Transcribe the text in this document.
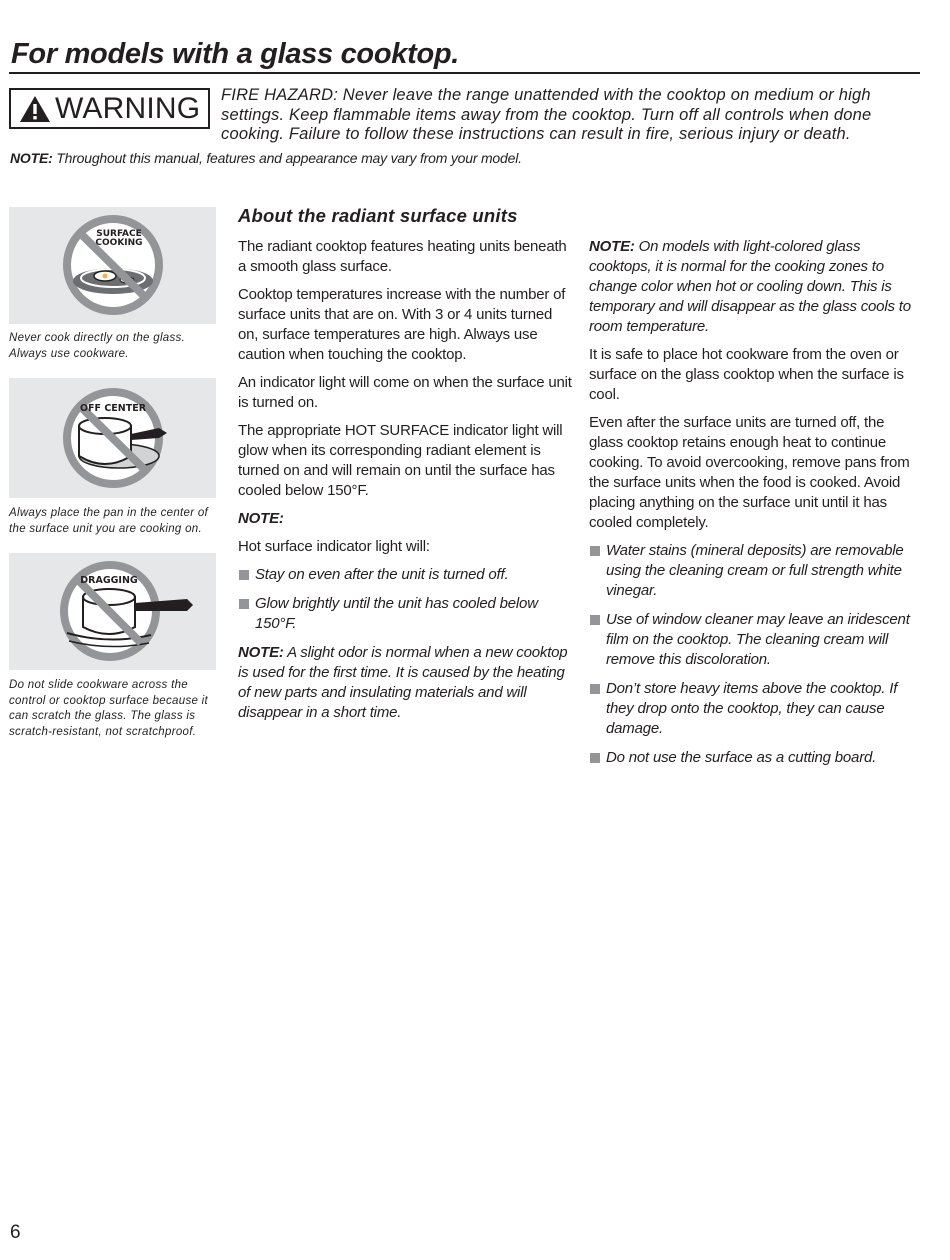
For models with a glass cooktop.
WARNING FIRE HAZARD: Never leave the range unattended with the cooktop on medium or high settings. Keep flammable items away from the cooktop. Turn off all controls when done cooking. Failure to follow these instructions can result in fire, serious injury or death.
NOTE: Throughout this manual, features and appearance may vary from your model.
SURFACE
COOKING
Never cook directly on the glass. Always use cookware.
OFF CENTER
Always place the pan in the center of the surface unit you are cooking on.
DRAGGING
Do not slide cookware across the control or cooktop surface because it can scratch the glass. The glass is scratch-resistant, not scratchproof.
About the radiant surface units

The radiant cooktop features heating units beneath a smooth glass surface.

Cooktop temperatures increase with the number of surface units that are on. With 3 or 4 units turned on, surface temperatures are high. Always use caution when touching the cooktop.

An indicator light will come on when the surface unit is turned on.

The appropriate HOT SURFACE indicator light will glow when its corresponding radiant element is turned on and will remain on until the surface has cooled below 150°F.

NOTE:

Hot surface indicator light will:

Stay on even after the unit is turned off.
Glow brightly until the unit has cooled below 150°F.

NOTE: A slight odor is normal when a new cooktop is used for the first time. It is caused by the heating of new parts and insulating materials and will disappear in a short time.

NOTE: On models with light-colored glass cooktops, it is normal for the cooking zones to change color when hot or cooling down. This is temporary and will disappear as the glass cools to room temperature.

It is safe to place hot cookware from the oven or surface on the glass cooktop when the surface is cool.

Even after the surface units are turned off, the glass cooktop retains enough heat to continue cooking. To avoid overcooking, remove pans from the surface units when the food is cooked. Avoid placing anything on the surface unit until it has cooled completely.

Water stains (mineral deposits) are removable using the cleaning cream or full strength white vinegar.
Use of window cleaner may leave an iridescent film on the cooktop. The cleaning cream will remove this discoloration.
Don’t store heavy items above the cooktop. If they drop onto the cooktop, they can cause damage.
Do not use the surface as a cutting board.
6
